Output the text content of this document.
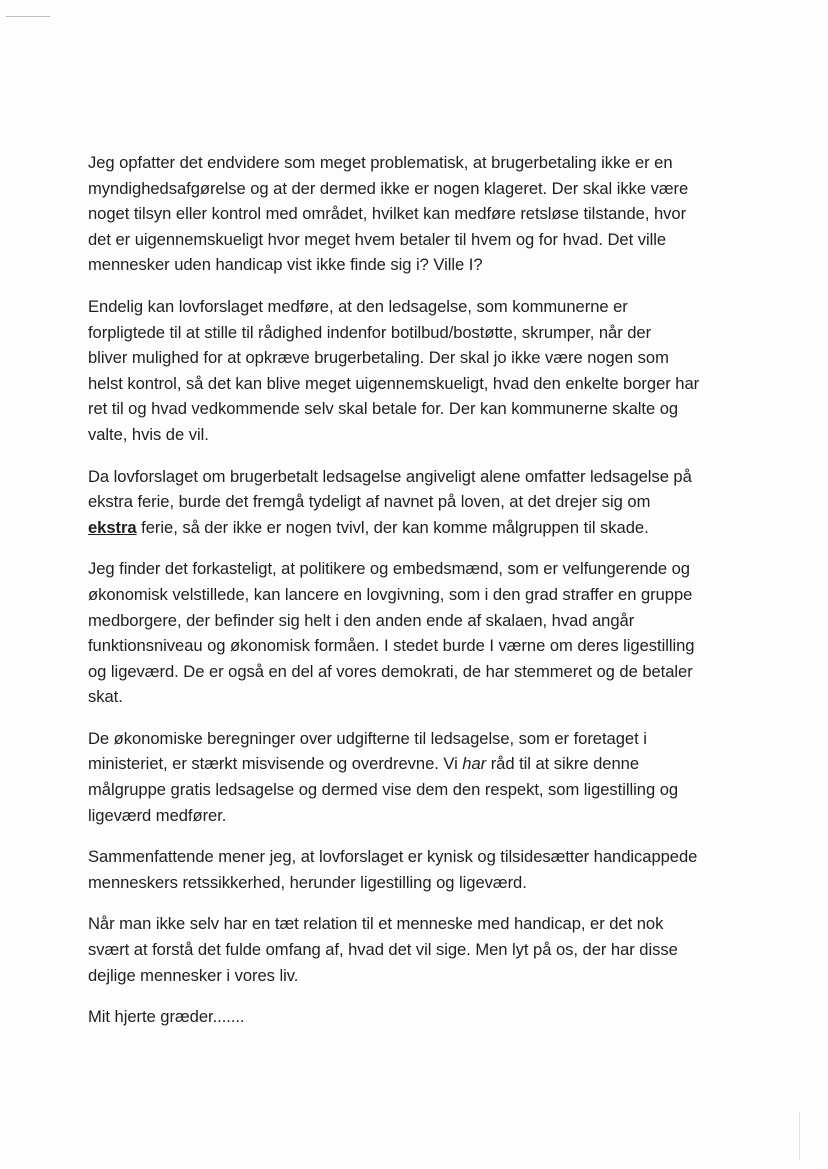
Jeg opfatter det endvidere som meget problematisk, at brugerbetaling ikke er en
myndighedsafgørelse og at der dermed ikke er nogen klageret. Der skal ikke være
noget tilsyn eller kontrol med området, hvilket kan medføre retsløse tilstande, hvor
det er uigennemskueligt hvor meget hvem betaler til hvem og for hvad. Det ville
mennesker uden handicap vist ikke finde sig i? Ville I?

Endelig kan lovforslaget medføre, at den ledsagelse, som kommunerne er
forpligtede til at stille til rådighed indenfor botilbud/bostøtte, skrumper, når der
bliver mulighed for at opkræve brugerbetaling. Der skal jo ikke være nogen som
helst kontrol, så det kan blive meget uigennemskueligt, hvad den enkelte borger har
ret til og hvad vedkommende selv skal betale for. Der kan kommunerne skalte og
valte, hvis de vil.

Da lovforslaget om brugerbetalt ledsagelse angiveligt alene omfatter ledsagelse på
ekstra ferie, burde det fremgå tydeligt af navnet på loven, at det drejer sig om
ekstra ferie, så der ikke er nogen tvivl, der kan komme målgruppen til skade.

Jeg finder det forkasteligt, at politikere og embedsmænd, som er velfungerende og
økonomisk velstillede, kan lancere en lovgivning, som i den grad straffer en gruppe
medborgere, der befinder sig helt i den anden ende af skalaen, hvad angår
funktionsniveau og økonomisk formåen. I stedet burde I værne om deres ligestilling
og ligeværd. De er også en del af vores demokrati, de har stemmeret og de betaler
skat.

De økonomiske beregninger over udgifterne til ledsagelse, som er foretaget i
ministeriet, er stærkt misvisende og overdrevne. Vi har råd til at sikre denne
målgruppe gratis ledsagelse og dermed vise dem den respekt, som ligestilling og
ligeværd medfører.

Sammenfattende mener jeg, at lovforslaget er kynisk og tilsidesætter handicappede
menneskers retssikkerhed, herunder ligestilling og ligeværd.

Når man ikke selv har en tæt relation til et menneske med handicap, er det nok
svært at forstå det fulde omfang af, hvad det vil sige. Men lyt på os, der har disse
dejlige mennesker i vores liv.

Mit hjerte græder.......
